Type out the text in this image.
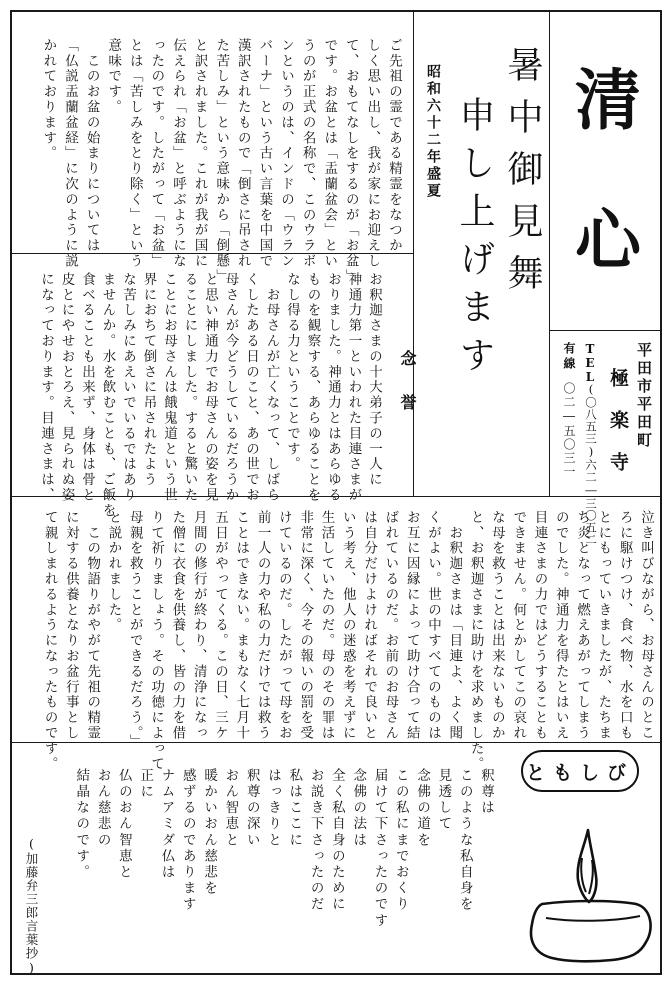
清
心
平田市平田町
極　楽　寺
TEL
(〇八五三)六二―三〇五二
有線
〇二―五〇三一
暑中御見舞
申し上げます
昭和六十二年盛夏
ご先祖の霊である精霊をなつか
しく思い出し、我が家にお迎えし
て、おもてなしをするのが「お盆」
です。お盆とは「盂蘭盆会」とい
うのが正式の名称で、このウラボ
ンというのは、インドの「ウラン
バーナ」という古い言葉を中国で
漢訳されたもので「倒さに吊され
た苦しみ」という意味から「倒懸」
と訳されました。これが我が国に
伝えられ「お盆」と呼ぶようにな
ったのです。したがって「お盆」
とは「苦しみをとり除く」という
意味です。
　このお盆の始まりについては
「仏説盂蘭盆経」に次のように説
かれております。
念　誉
お釈迦さまの十大弟子の一人に
神通力第一といわれた目連さまが
おりました。神通力とはあらゆる
ものを観察する、あらゆることを
なし得る力ということです。
　お母さんが亡くなって、しばら
くしたある日のこと、あの世でお
母さんが今どうしているだろうか
と思い神通力でお母さんの姿を見
ることにしました。すると驚いた
ことにお母さんは餓鬼道という世
界におちて倒さに吊されたよう
な苦しみにあえいでいるではあり
ませんか。水を飲むことも、ご飯を
食べることも出来ず、身体は骨と
皮とにやせおとろえ、見られぬ姿
になっております。目連さまは、
泣き叫びながら、お母さんのとこ
ろに駆けつけ、食べ物、水を口も
とにもっていきましたが、たちま
ち炎となって燃えあがってしまう
のでした。神通力を得たとはいえ
目連さまの力ではどうすることも
できません。何とかしてこの哀れ
な母を救うことは出来ないものか
と、お釈迦さまに助けを求めました。
　お釈迦さまは「目連よ、よく聞
くがよい。世の中すべてのものは
お互に因縁によって助け合って結
ばれているのだ。お前のお母さん
は自分だけよければそれで良いと
いう考え、他人の迷惑を考えずに
生活していたのだ。母のその罪は
非常に深く、今その報いの罰を受
けているのだ。したがって母をお
前一人の力や私の力だけでは救う
ことはできない。まもなく七月十
五日がやってくる。この日、三ケ
月間の修行が終わり、清浄になっ
た僧に衣食を供養し、皆の力を借
りて祈りましょう。その功徳によって
母親を救うことができるだろう。」
と説かれました。
　この物語りがやがて先祖の精霊
に対する供養となりお盆行事とし
て親しまれるようになったものです。
ともしび
釈尊は
このような私自身を
見透して
念佛の道を
この私にまでおくり
届けて下さったのです
念佛の法は
全く私自身のために
お説き下さったのだ
私はここに
はっきりと
釈尊の深い
おん智恵と
暖かいおん慈悲を
感ずるのであります
ナムアミダ仏は
正に
仏のおん智恵と
おん慈悲の
結晶なのです。
(加藤弁三郎言葉抄)
